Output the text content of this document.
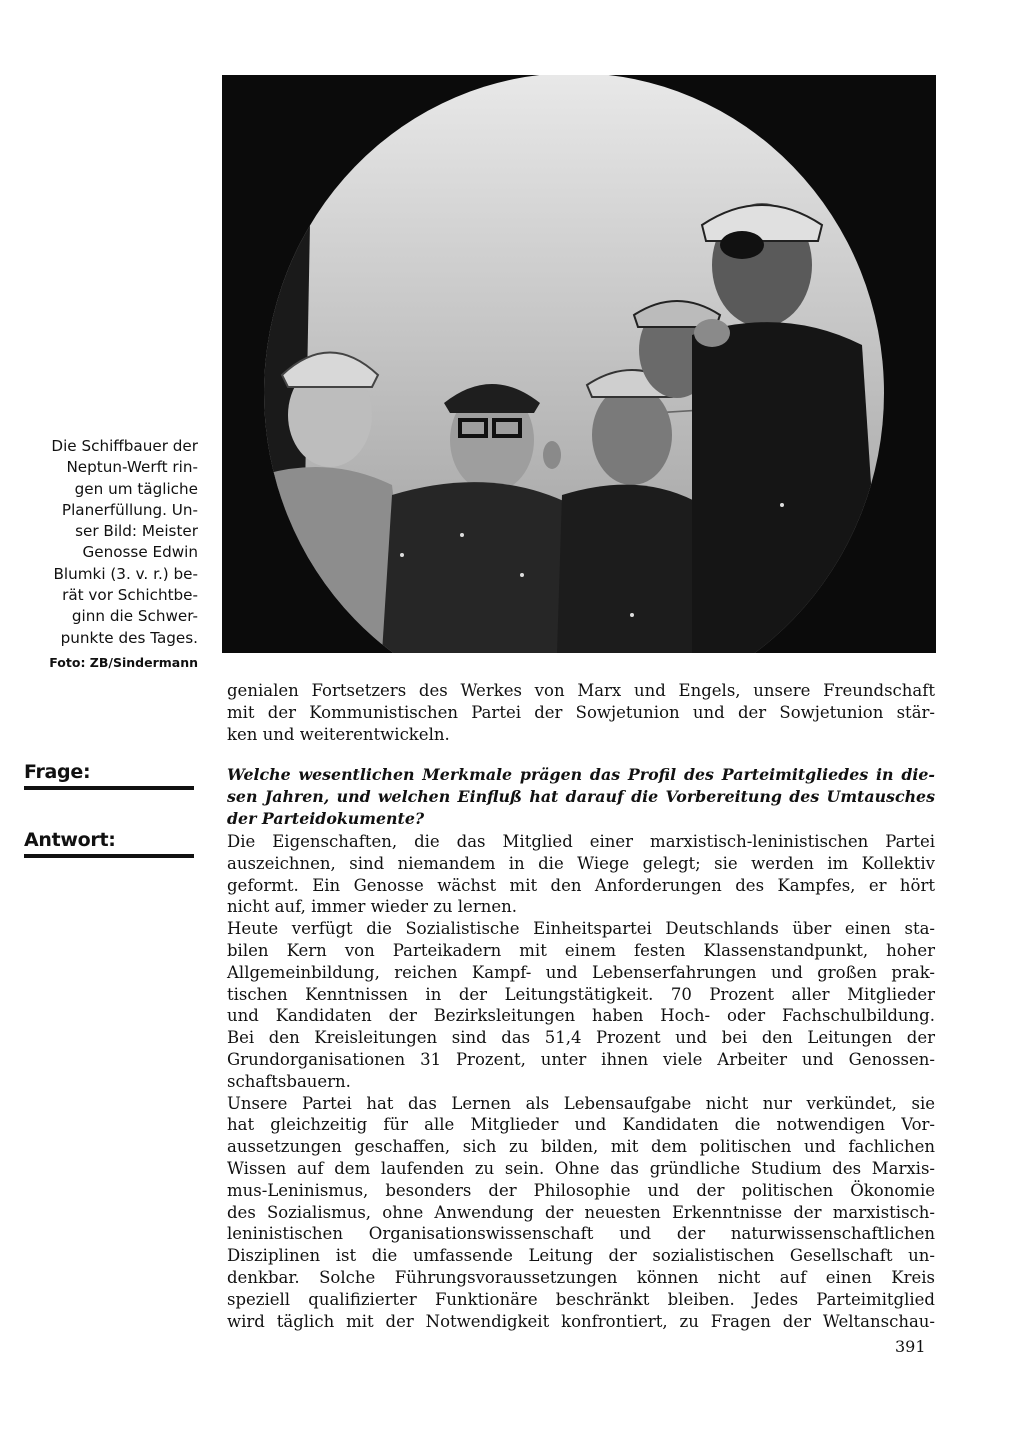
Die Schiffbauer der
Neptun-Werft rin-
gen um tägliche
Planerfüllung. Un-
ser Bild: Meister
Genosse Edwin
Blumki (3. v. r.) be-
rät vor Schichtbe-
ginn die Schwer-
punkte des Tages.
Foto: ZB/Sindermann
genialen Fortsetzers des Werkes von Marx und Engels, unsere Freundschaft
mit der Kommunistischen Partei der Sowjetunion und der Sowjetunion stär-
ken und weiterentwickeln.
Frage:	Welche wesentlichen Merkmale prägen das Profil des Parteimitgliedes in die-
sen Jahren, und welchen Einfluß hat darauf die Vorbereitung des Umtausches
der Parteidokumente?
Antwort:	Die Eigenschaften, die das Mitglied einer marxistisch-leninistischen Partei
auszeichnen, sind niemandem in die Wiege gelegt; sie werden im Kollektiv
geformt. Ein Genosse wächst mit den Anforderungen des Kampfes, er hört
nicht auf, immer wieder zu lernen.
Heute verfügt die Sozialistische Einheitspartei Deutschlands über einen sta-
bilen Kern von Parteikadern mit einem festen Klassenstandpunkt, hoher
Allgemeinbildung, reichen Kampf- und Lebenserfahrungen und großen prak-
tischen Kenntnissen in der Leitungstätigkeit. 70 Prozent aller Mitglieder
und Kandidaten der Bezirksleitungen haben Hoch- oder Fachschulbildung.
Bei den Kreisleitungen sind das 51,4 Prozent und bei den Leitungen der
Grundorganisationen 31 Prozent, unter ihnen viele Arbeiter und Genossen-
schaftsbauern.
Unsere Partei hat das Lernen als Lebensaufgabe nicht nur verkündet, sie
hat gleichzeitig für alle Mitglieder und Kandidaten die notwendigen Vor-
aussetzungen geschaffen, sich zu bilden, mit dem politischen und fachlichen
Wissen auf dem laufenden zu sein. Ohne das gründliche Studium des Marxis-
mus-Leninismus, besonders der Philosophie und der politischen Ökonomie
des Sozialismus, ohne Anwendung der neuesten Erkenntnisse der marxistisch-
leninistischen Organisationswissenschaft und der naturwissenschaftlichen
Disziplinen ist die umfassende Leitung der sozialistischen Gesellschaft un-
denkbar. Solche Führungsvoraussetzungen können nicht auf einen Kreis
speziell qualifizierter Funktionäre beschränkt bleiben. Jedes Parteimitglied
wird täglich mit der Notwendigkeit konfrontiert, zu Fragen der Weltanschau-
391
